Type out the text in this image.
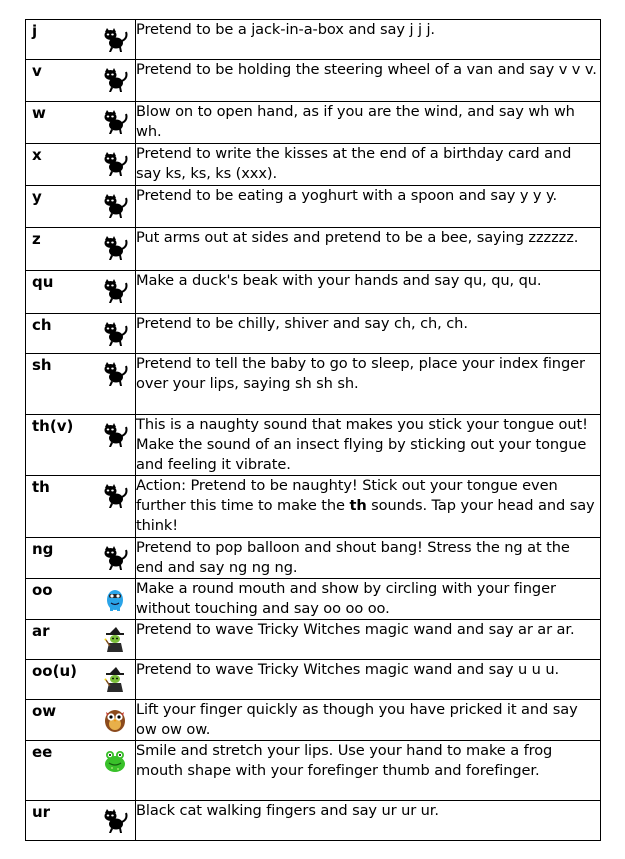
j	Pretend to be a jack-in-a-box and say j j j.

v	Pretend to be holding the steering wheel of a van and say v v v.

w	Blow on to open hand, as if you are the wind, and say wh wh wh.

x	Pretend to write the kisses at the end of a birthday card and say ks, ks, ks (xxx).

y	Pretend to be eating a yoghurt with a spoon and say y y y.

z	Put arms out at sides and pretend to be a bee, saying zzzzzz.

qu	Make a duck's beak with your hands and say qu, qu, qu.

ch	Pretend to be chilly, shiver and say ch, ch, ch.

sh	Pretend to tell the baby to go to sleep, place your index finger over your lips, saying sh sh sh.

th(v)	This is a naughty sound that makes you stick your tongue out! Make the sound of an insect flying by sticking out your tongue and feeling it vibrate.

th	Action: Pretend to be naughty! Stick out your tongue even further this time to make the th sounds. Tap your head and say think!

ng	Pretend to pop balloon and shout bang! Stress the ng at the end and say ng ng ng.

oo	Make a round mouth and show by circling with your finger without touching and say oo oo oo.

ar	Pretend to wave Tricky Witches magic wand and say ar ar ar.

oo(u)	Pretend to wave Tricky Witches magic wand and say u u u.

ow	Lift your finger quickly as though you have pricked it and say ow ow ow.

ee	Smile and stretch your lips. Use your hand to make a frog mouth shape with your forefinger thumb and forefinger.

ur	Black cat walking fingers and say ur ur ur.
